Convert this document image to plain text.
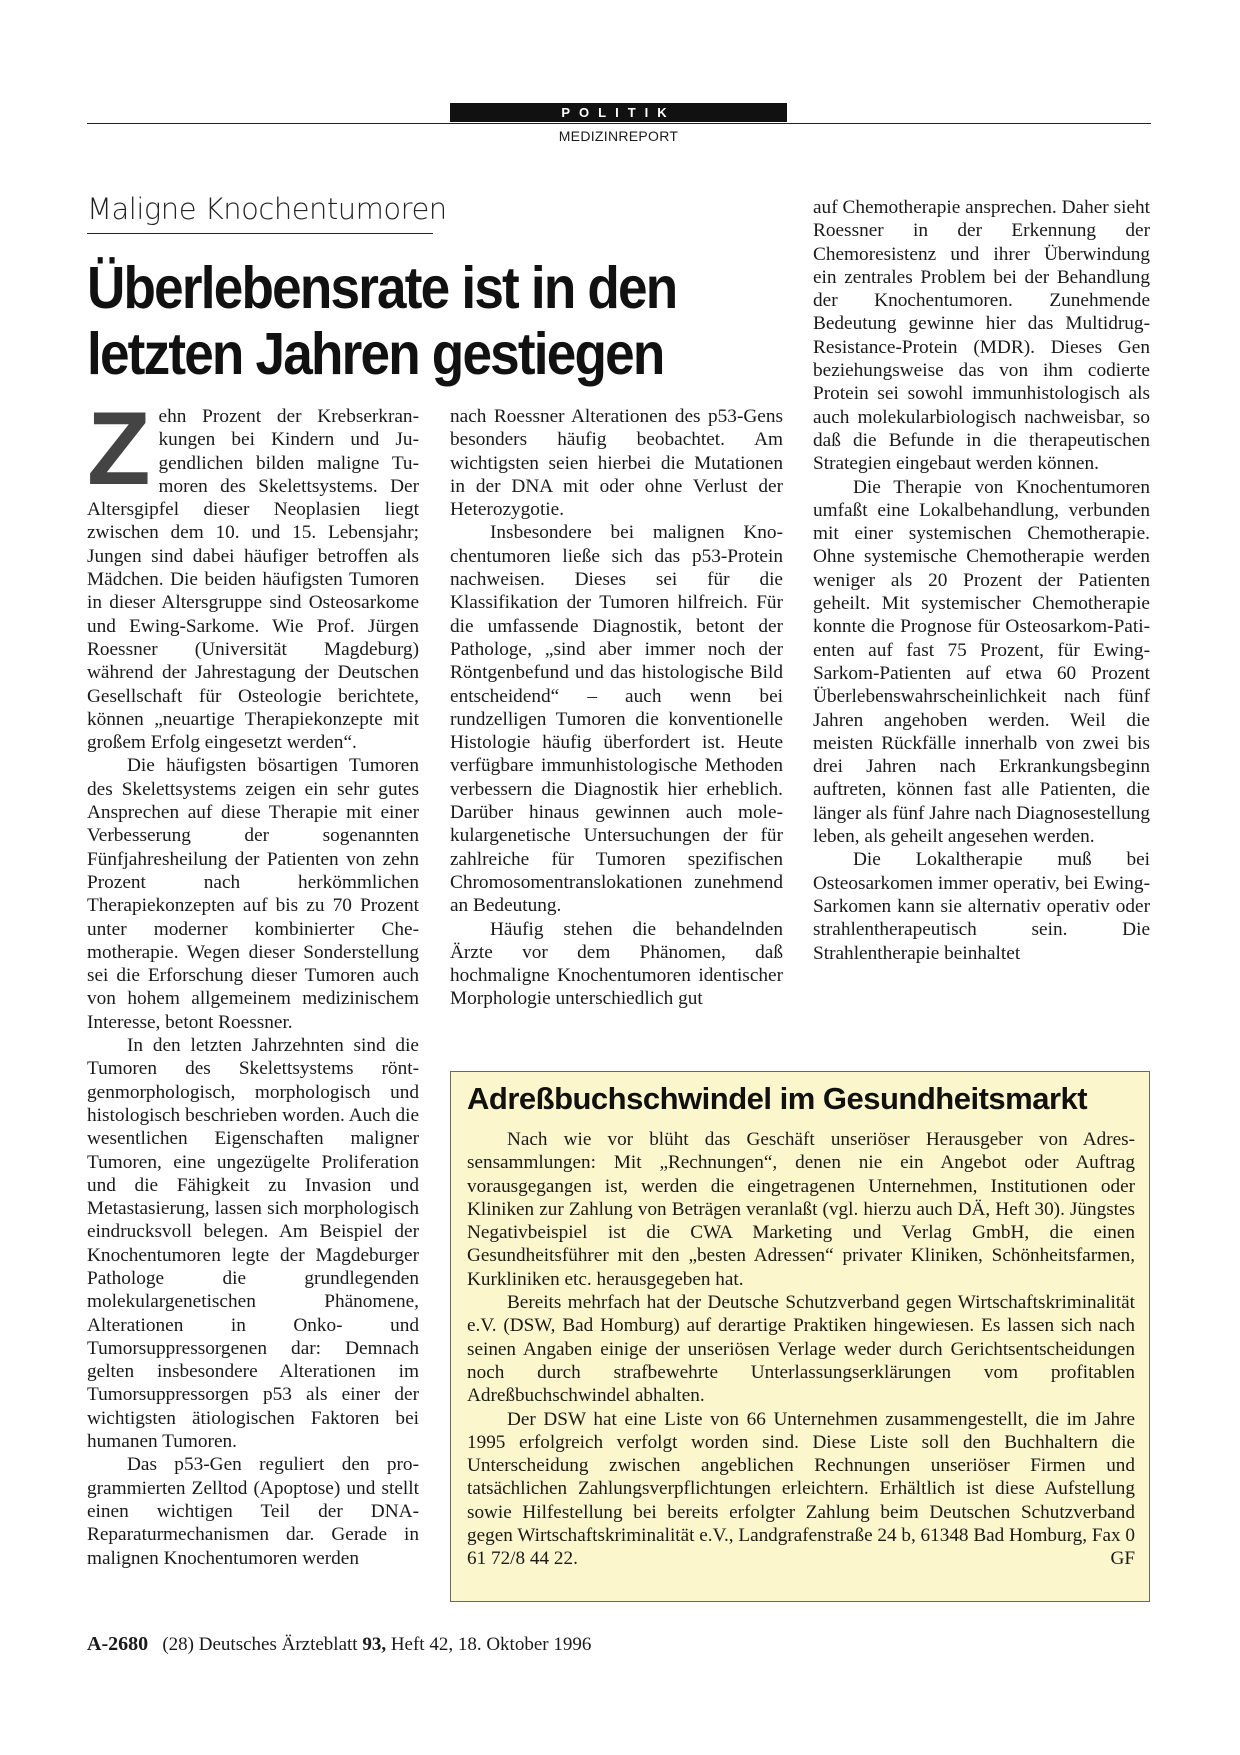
POLITIK
MEDIZINREPORT
Maligne Knochentumoren
Überlebensrate ist in den letzten Jahren gestiegen

Zehn Prozent der Krebserkrankungen bei Kindern und Jugendlichen bilden maligne Tumoren des Skelettsystems. Der Altersgipfel dieser Neoplasien liegt zwischen dem 10. und 15. Lebensjahr; Jungen sind dabei häufiger betroffen als Mädchen. Die beiden häufigsten Tumoren in dieser Altersgruppe sind Osteosarkome und Ewing-Sarkome. Wie Prof. Jürgen Roessner (Universität Magdeburg) während der Jahrestagung der Deutschen Gesellschaft für Osteologie berichtete, können „neuartige Therapiekonzepte mit großem Erfolg eingesetzt werden“.

Die häufigsten bösartigen Tumoren des Skelettsystems zeigen ein sehr gutes Ansprechen auf diese Therapie mit einer Verbesserung der sogenannten Fünfjahresheilung der Patienten von zehn Prozent nach herkömmlichen Therapiekonzepten auf bis zu 70 Prozent unter moderner kombinierter Chemotherapie. Wegen dieser Sonderstellung sei die Erforschung dieser Tumoren auch von hohem allgemeinem medizinischem Interesse, betont Roessner.

In den letzten Jahrzehnten sind die Tumoren des Skelettsystems röntgenmorphologisch, morphologisch und histologisch beschrieben worden. Auch die wesentlichen Eigenschaften maligner Tumoren, eine ungezügelte Proliferation und die Fähigkeit zu Invasion und Metastasierung, lassen sich morphologisch eindrucksvoll belegen. Am Beispiel der Knochentumoren legte der Magdeburger Pathologe die grundlegenden molekulargenetischen Phänomene, Alterationen in Onko- und Tumorsuppressorgenen dar: Demnach gelten insbesondere Alterationen im Tumorsuppressorgen p53 als einer der wichtigsten ätiologischen Faktoren bei humanen Tumoren.

Das p53-Gen reguliert den programmierten Zelltod (Apoptose) und stellt einen wichtigen Teil der DNA-Reparaturmechanismen dar. Gerade in malignen Knochentumoren werden

nach Roessner Alterationen des p53-Gens besonders häufig beobachtet. Am wichtigsten seien hierbei die Mutationen in der DNA mit oder ohne Verlust der Heterozygotie.

Insbesondere bei malignen Knochentumoren ließe sich das p53-Protein nachweisen. Dieses sei für die Klassifikation der Tumoren hilfreich. Für die umfassende Diagnostik, betont der Pathologe, „sind aber immer noch der Röntgenbefund und das histologische Bild entscheidend“ – auch wenn bei rundzelligen Tumoren die konventionelle Histologie häufig überfordert ist. Heute verfügbare immunhistologische Methoden verbessern die Diagnostik hier erheblich. Darüber hinaus gewinnen auch molekulargenetische Untersuchungen der für zahlreiche für Tumoren spezifischen Chromosomentranslokationen zunehmend an Bedeutung.

Häufig stehen die behandelnden Ärzte vor dem Phänomen, daß hochmaligne Knochentumoren identischer Morphologie unterschiedlich gut

auf Chemotherapie ansprechen. Daher sieht Roessner in der Erkennung der Chemoresistenz und ihrer Überwindung ein zentrales Problem bei der Behandlung der Knochentumoren. Zunehmende Bedeutung gewinne hier das Multidrug-Resistance-Protein (MDR). Dieses Gen beziehungsweise das von ihm codierte Protein sei sowohl immunhistologisch als auch molekularbiologisch nachweisbar, so daß die Befunde in die therapeutischen Strategien eingebaut werden können.

Die Therapie von Knochentumoren umfaßt eine Lokalbehandlung, verbunden mit einer systemischen Chemotherapie. Ohne systemische Chemotherapie werden weniger als 20 Prozent der Patienten geheilt. Mit systemischer Chemotherapie konnte die Prognose für Osteosarkom-Patienten auf fast 75 Prozent, für Ewing-Sarkom-Patienten auf etwa 60 Prozent Überlebenswahrscheinlichkeit nach fünf Jahren angehoben werden. Weil die meisten Rückfälle innerhalb von zwei bis drei Jahren nach Erkrankungsbeginn auftreten, können fast alle Patienten, die länger als fünf Jahre nach Diagnosestellung leben, als geheilt angesehen werden.

Die Lokaltherapie muß bei Osteosarkomen immer operativ, bei Ewing-Sarkomen kann sie alternativ operativ oder strahlentherapeutisch sein. Die Strahlentherapie beinhaltet

Adreßbuchschwindel im Gesundheitsmarkt

Nach wie vor blüht das Geschäft unseriöser Herausgeber von Adressensammlungen: Mit „Rechnungen“, denen nie ein Angebot oder Auftrag vorausgegangen ist, werden die eingetragenen Unternehmen, Institutionen oder Kliniken zur Zahlung von Beträgen veranlaßt (vgl. hierzu auch DÄ, Heft 30). Jüngstes Negativbeispiel ist die CWA Marketing und Verlag GmbH, die einen Gesundheitsführer mit den „besten Adressen“ privater Kliniken, Schönheitsfarmen, Kurkliniken etc. herausgegeben hat.

Bereits mehrfach hat der Deutsche Schutzverband gegen Wirtschaftskriminalität e.V. (DSW, Bad Homburg) auf derartige Praktiken hingewiesen. Es lassen sich nach seinen Angaben einige der unseriösen Verlage weder durch Gerichtsentscheidungen noch durch strafbewehrte Unterlassungserklärungen vom profitablen Adreßbuchschwindel abhalten.

Der DSW hat eine Liste von 66 Unternehmen zusammengestellt, die im Jahre 1995 erfolgreich verfolgt worden sind. Diese Liste soll den Buchhaltern die Unterscheidung zwischen angeblichen Rechnungen unseriöser Firmen und tatsächlichen Zahlungsverpflichtungen erleichtern. Erhältlich ist diese Aufstellung sowie Hilfestellung bei bereits erfolgter Zahlung beim Deutschen Schutzverband gegen Wirtschaftskriminalität e.V., Landgrafenstraße 24 b, 61348 Bad Homburg, Fax 0 61 72/8 44 22.	GF

A-2680 (28) Deutsches Ärzteblatt 93, Heft 42, 18. Oktober 1996
